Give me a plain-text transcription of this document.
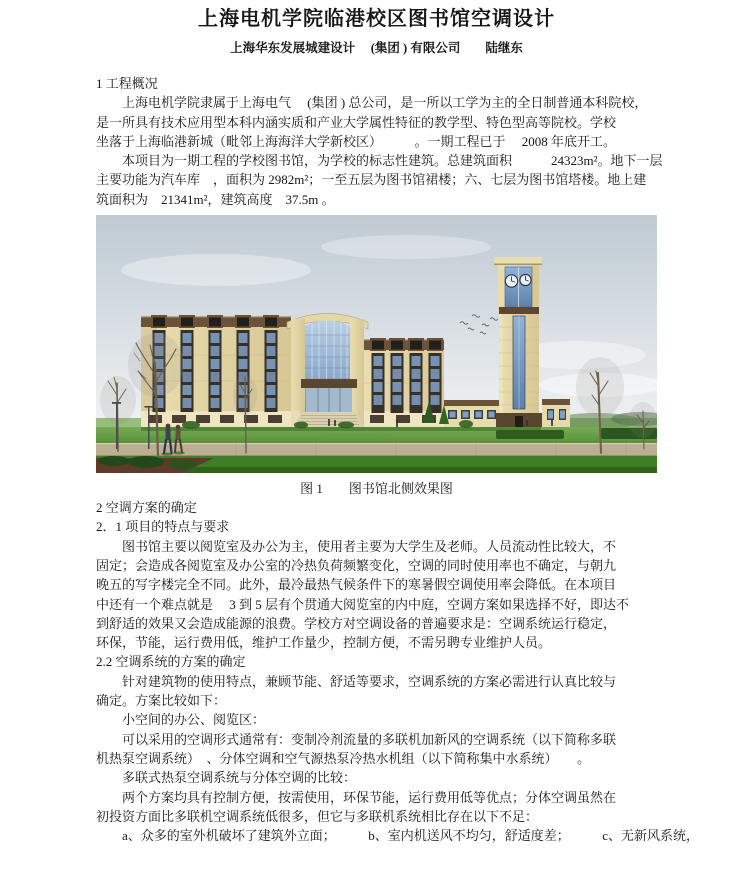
上海电机学院临港校区图书馆空调设计
上海华东发展城建设计　 (集团 ) 有限公司　　陆继东
1 工程概况
　　上海电机学院隶属于上海电气　 (集团 ) 总公司，是一所以工学为主的全日制普通本科院校，
是一所具有技术应用型本科内涵实质和产业大学属性特征的教学型、特色型高等院校。学校
坐落于上海临港新城（毗邻上海海洋大学新校区）　　　。一期工程已于　 2008 年底开工。
　　本项目为一期工程的学校图书馆，为学校的标志性建筑。总建筑面积　　　24323m²。地下一层
主要功能为汽车库　，面积为 2982m²；一至五层为图书馆裙楼；六、七层为图书馆塔楼。地上建
筑面积为　21341m²，建筑高度　37.5m 。
图 1　　图书馆北侧效果图
2 空调方案的确定
2．1 项目的特点与要求
　　图书馆主要以阅览室及办公为主，使用者主要为大学生及老师。人员流动性比较大，不
固定；会造成各阅览室及办公室的冷热负荷频繁变化，空调的同时使用率也不确定，与朝九
晚五的写字楼完全不同。此外，最冷最热气候条件下的寒暑假空调使用率会降低。在本项目
中还有一个难点就是　 3 到 5 层有个贯通大阅览室的内中庭，空调方案如果选择不好，即达不
到舒适的效果又会造成能源的浪费。学校方对空调设备的普遍要求是：空调系统运行稳定，
环保，节能，运行费用低，维护工作量少，控制方便，不需另聘专业维护人员。
2.2 空调系统的方案的确定
　　针对建筑物的使用特点，兼顾节能、舒适等要求，空调系统的方案必需进行认真比较与
确定。方案比较如下：
　　小空间的办公、阅览区：
　　可以采用的空调形式通常有：变制冷剂流量的多联机加新风的空调系统（以下简称多联
机热泵空调系统）　、分体空调和空气源热泵冷热水机组（以下简称集中水系统）　　。
　　多联式热泵空调系统与分体空调的比较：
　　两个方案均具有控制方便，按需使用，环保节能，运行费用低等优点；分体空调虽然在
初投资方面比多联机空调系统低很多，但它与多联机系统相比存在以下不足：
　　a、众多的室外机破坏了建筑外立面；　　　b、室内机送风不均匀，舒适度差；　　　c、无新风系统，
